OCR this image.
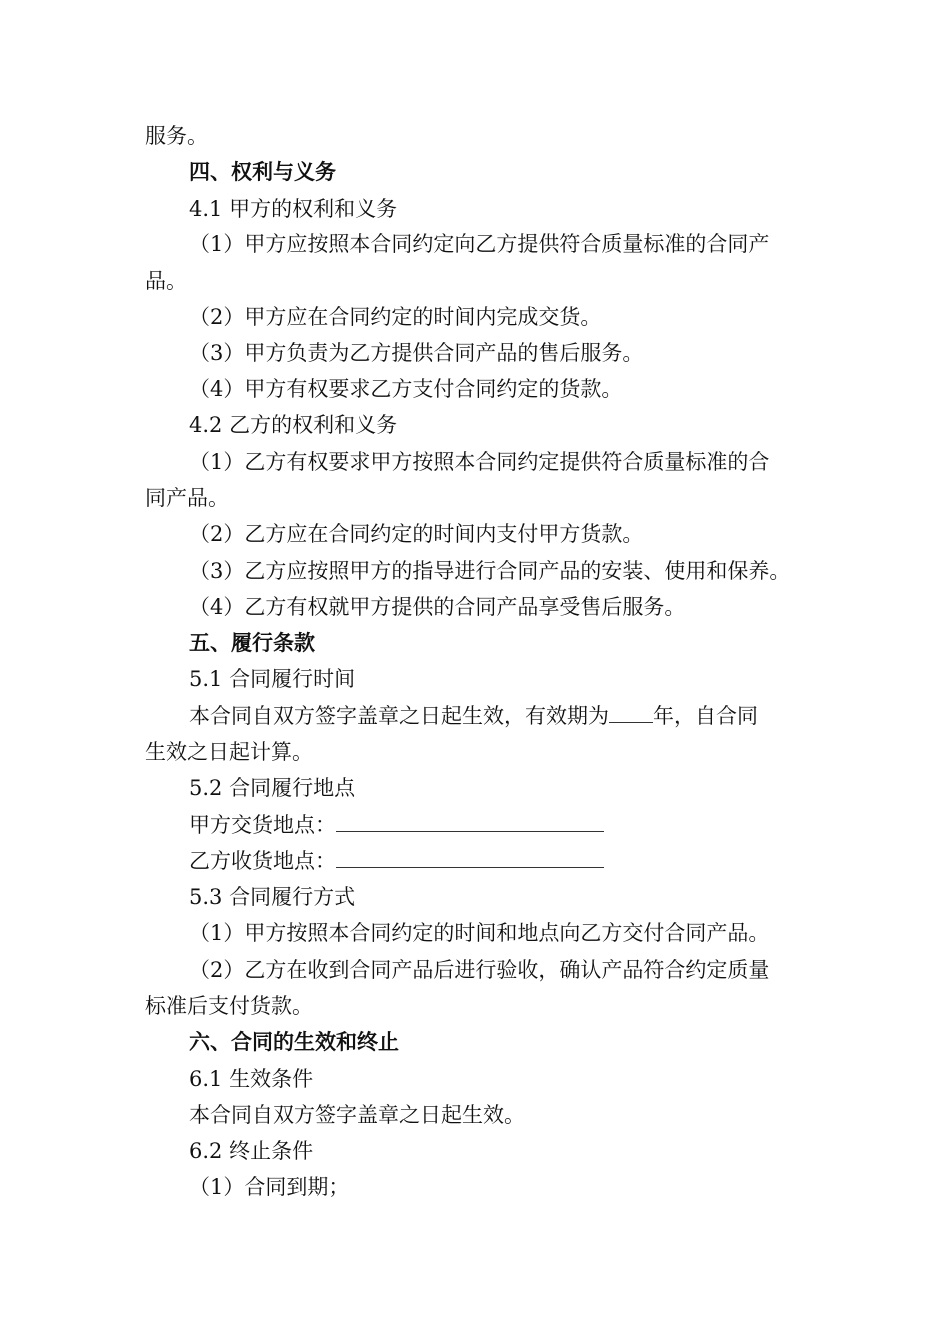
服务。
四、权利与义务
4.1 甲方的权利和义务
（1）甲方应按照本合同约定向乙方提供符合质量标准的合同产
品。
（2）甲方应在合同约定的时间内完成交货。
（3）甲方负责为乙方提供合同产品的售后服务。
（4）甲方有权要求乙方支付合同约定的货款。
4.2 乙方的权利和义务
（1）乙方有权要求甲方按照本合同约定提供符合质量标准的合
同产品。
（2）乙方应在合同约定的时间内支付甲方货款。
（3）乙方应按照甲方的指导进行合同产品的安装、使用和保养。
（4）乙方有权就甲方提供的合同产品享受售后服务。
五、履行条款
5.1 合同履行时间
本合同自双方签字盖章之日起生效，有效期为 年，自合同
生效之日起计算。
5.2 合同履行地点
甲方交货地点：
乙方收货地点：
5.3 合同履行方式
（1）甲方按照本合同约定的时间和地点向乙方交付合同产品。
（2）乙方在收到合同产品后进行验收，确认产品符合约定质量
标准后支付货款。
六、合同的生效和终止
6.1 生效条件
本合同自双方签字盖章之日起生效。
6.2 终止条件
（1）合同到期；
